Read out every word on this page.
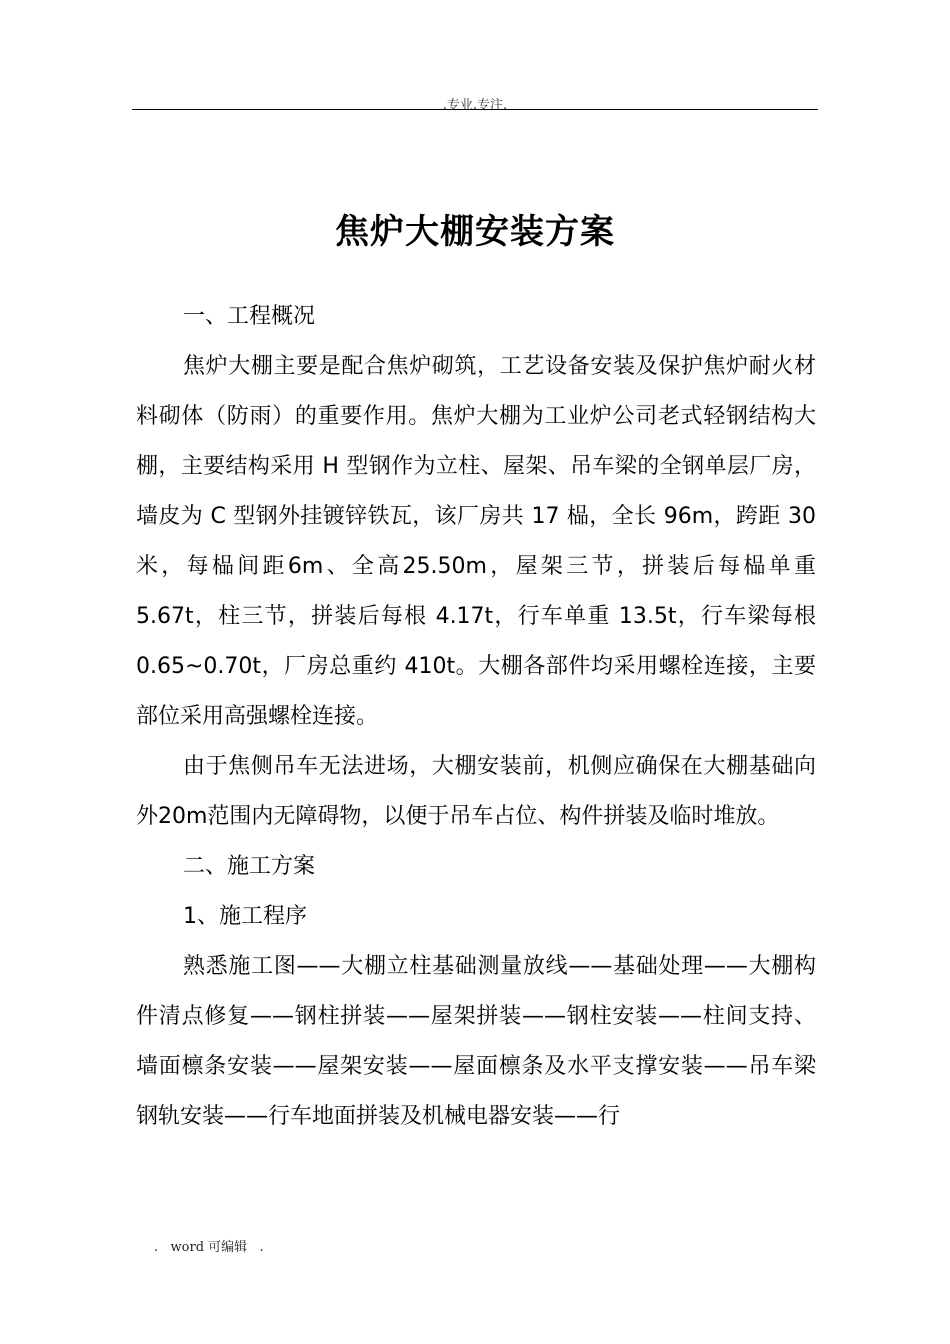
.专业.专注.
焦炉大棚安装方案

一、工程概况

焦炉大棚主要是配合焦炉砌筑，工艺设备安装及保护焦炉耐火材料砌体（防雨）的重要作用。焦炉大棚为工业炉公司老式轻钢结构大棚，主要结构采用 H 型钢作为立柱、屋架、吊车梁的全钢单层厂房，墙皮为 C 型钢外挂镀锌铁瓦，该厂房共 17 榀，全长 96m，跨距 30 米，每榀间距6m、全高25.50m，屋架三节，拼装后每榀单重5.67t，柱三节，拼装后每根 4.17t，行车单重 13.5t，行车梁每根 0.65~0.70t，厂房总重约 410t。大棚各部件均采用螺栓连接，主要部位采用高强螺栓连接。

由于焦侧吊车无法进场，大棚安装前，机侧应确保在大棚基础向外20m范围内无障碍物，以便于吊车占位、构件拼装及临时堆放。

二、施工方案

1、施工程序

熟悉施工图——大棚立柱基础测量放线——基础处理——大棚构件清点修复——钢柱拼装——屋架拼装——钢柱安装——柱间支持、墙面檩条安装——屋架安装——屋面檩条及水平支撑安装——吊车梁钢轨安装——行车地面拼装及机械电器安装——行

.   word 可编辑   .
